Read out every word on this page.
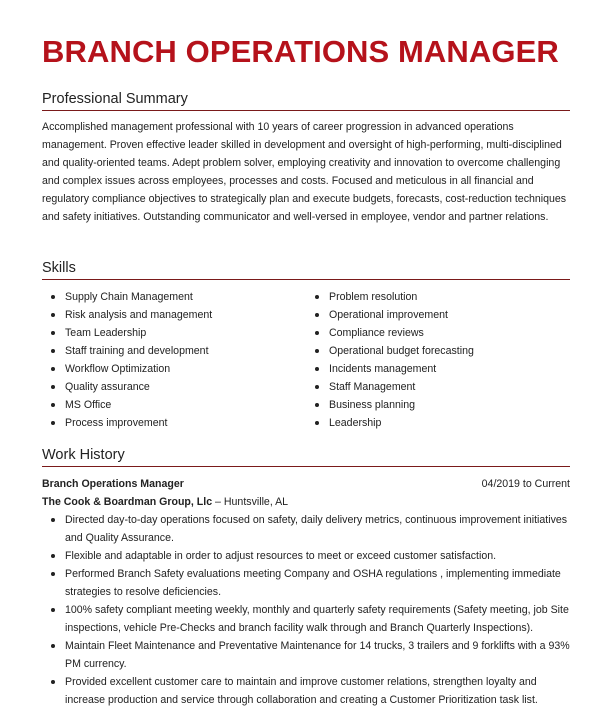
BRANCH OPERATIONS MANAGER
Professional Summary

Accomplished management professional with 10 years of career progression in advanced operations management. Proven effective leader skilled in development and oversight of high-performing, multi-disciplined and quality-oriented teams. Adept problem solver, employing creativity and innovation to overcome challenging and complex issues across employees, processes and costs. Focused and meticulous in all financial and regulatory compliance objectives to strategically plan and execute budgets, forecasts, cost-reduction techniques and safety initiatives. Outstanding communicator and well-versed in employee, vendor and partner relations.

Skills
Supply Chain Management
Risk analysis and management
Team Leadership
Staff training and development
Workflow Optimization
Quality assurance
MS Office
Process improvement
Problem resolution
Operational improvement
Compliance reviews
Operational budget forecasting
Incidents management
Staff Management
Business planning
Leadership
Work History
Branch Operations Manager	04/2019 to Current
The Cook & Boardman Group, Llc – Huntsville, AL
Directed day-to-day operations focused on safety, daily delivery metrics, continuous improvement initiatives and Quality Assurance.
Flexible and adaptable in order to adjust resources to meet or exceed customer satisfaction.
Performed Branch Safety evaluations meeting Company and OSHA regulations , implementing immediate strategies to resolve deficiencies.
100% safety compliant meeting weekly, monthly and quarterly safety requirements (Safety meeting, job Site inspections, vehicle Pre-Checks and branch facility walk through and Branch Quarterly Inspections).
Maintain Fleet Maintenance and Preventative Maintenance for 14 trucks, 3 trailers and 9 forklifts with a 93% PM currency.
Provided excellent customer care to maintain and improve customer relations, strengthen loyalty and increase production and service through collaboration and creating a Customer Prioritization task list.
